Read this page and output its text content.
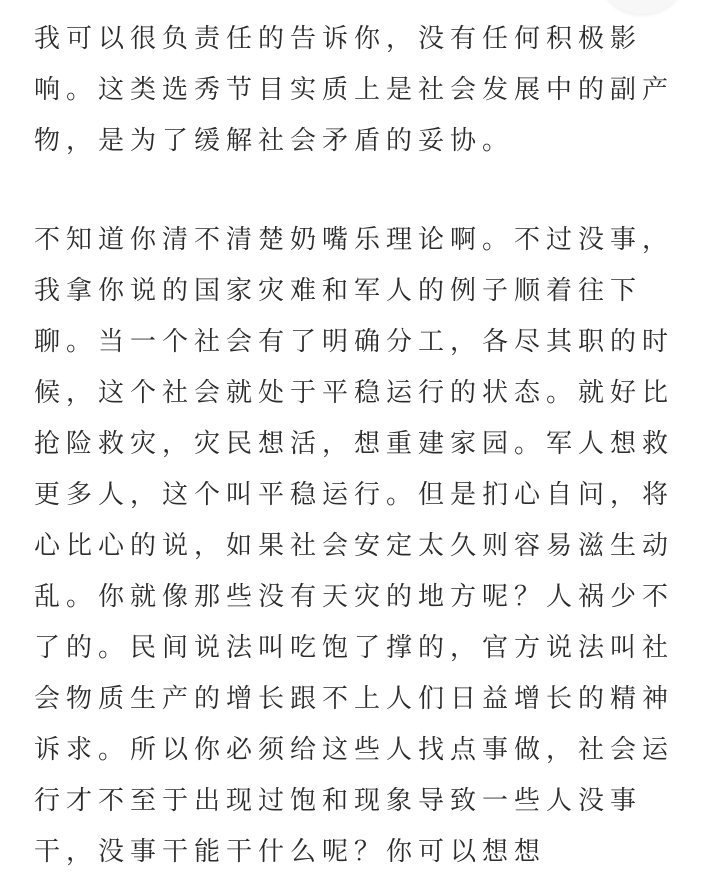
我可以很负责任的告诉你，没有任何积极影
响。这类选秀节目实质上是社会发展中的副产
物，是为了缓解社会矛盾的妥协。

不知道你清不清楚奶嘴乐理论啊。不过没事，
我拿你说的国家灾难和军人的例子顺着往下
聊。当一个社会有了明确分工，各尽其职的时
候，这个社会就处于平稳运行的状态。就好比
抢险救灾，灾民想活，想重建家园。军人想救
更多人，这个叫平稳运行。但是扪心自问，将
心比心的说，如果社会安定太久则容易滋生动
乱。你就像那些没有天灾的地方呢？人祸少不
了的。民间说法叫吃饱了撑的，官方说法叫社
会物质生产的增长跟不上人们日益增长的精神
诉求。所以你必须给这些人找点事做，社会运
行才不至于出现过饱和现象导致一些人没事
干，没事干能干什么呢？你可以想想
